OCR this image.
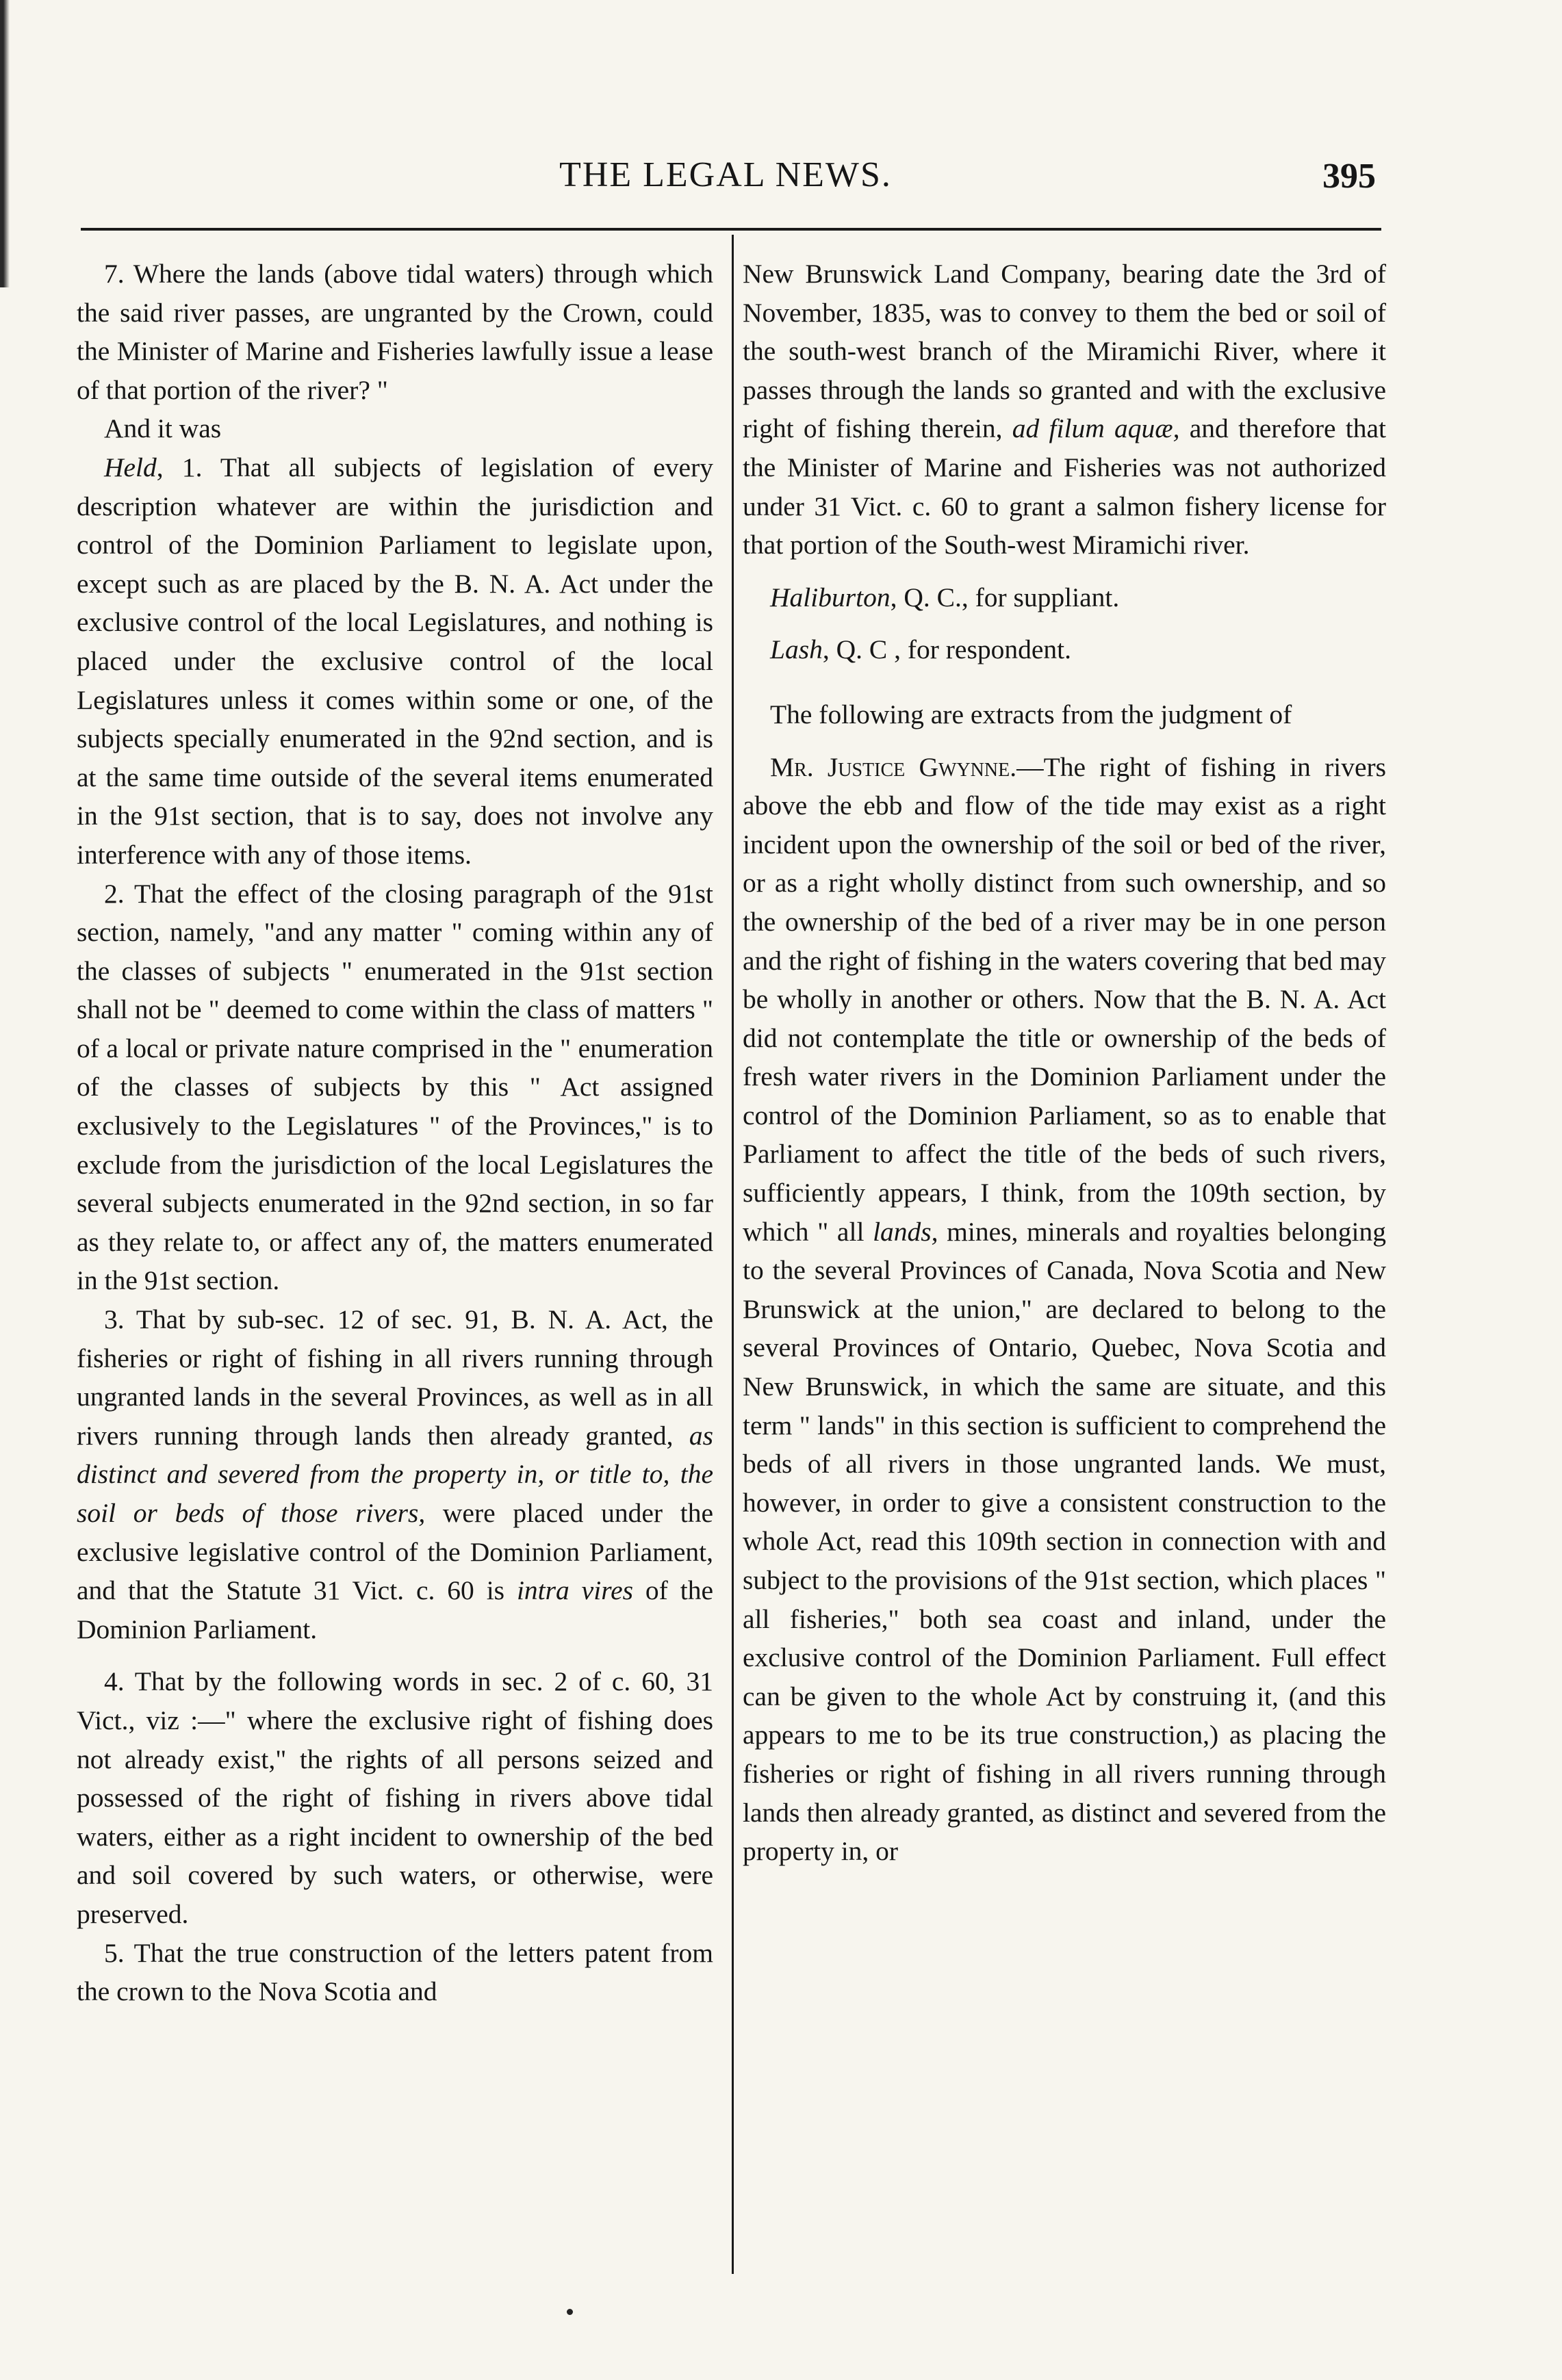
THE LEGAL NEWS.	395

7. Where the lands (above tidal waters) through which the said river passes, are ungranted by the Crown, could the Minister of Marine and Fisheries lawfully issue a lease of that portion of the river? "

And it was

Held, 1. That all subjects of legislation of every description whatever are within the jurisdiction and control of the Dominion Parliament to legislate upon, except such as are placed by the B. N. A. Act under the exclusive control of the local Legislatures, and nothing is placed under the exclusive control of the local Legislatures unless it comes within some or one, of the subjects specially enumerated in the 92nd section, and is at the same time outside of the several items enumerated in the 91st section, that is to say, does not involve any interference with any of those items.

2. That the effect of the closing paragraph of the 91st section, namely, "and any matter " coming within any of the classes of subjects " enumerated in the 91st section shall not be " deemed to come within the class of matters " of a local or private nature comprised in the " enumeration of the classes of subjects by this " Act assigned exclusively to the Legislatures " of the Provinces," is to exclude from the jurisdiction of the local Legislatures the several subjects enumerated in the 92nd section, in so far as they relate to, or affect any of, the matters enumerated in the 91st section.

3. That by sub-sec. 12 of sec. 91, B. N. A. Act, the fisheries or right of fishing in all rivers running through ungranted lands in the several Provinces, as well as in all rivers running through lands then already granted, as distinct and severed from the property in, or title to, the soil or beds of those rivers, were placed under the exclusive legislative control of the Dominion Parliament, and that the Statute 31 Vict. c. 60 is intra vires of the Dominion Parliament.

4. That by the following words in sec. 2 of c. 60, 31 Vict., viz :—" where the exclusive right of fishing does not already exist," the rights of all persons seized and possessed of the right of fishing in rivers above tidal waters, either as a right incident to ownership of the bed and soil covered by such waters, or otherwise, were preserved.

5. That the true construction of the letters patent from the crown to the Nova Scotia and

New Brunswick Land Company, bearing date the 3rd of November, 1835, was to convey to them the bed or soil of the south-west branch of the Miramichi River, where it passes through the lands so granted and with the exclusive right of fishing therein, ad filum aquæ, and therefore that the Minister of Marine and Fisheries was not authorized under 31 Vict. c. 60 to grant a salmon fishery license for that portion of the South-west Miramichi river.

Haliburton, Q. C., for suppliant.

Lash, Q. C , for respondent.

The following are extracts from the judgment of

Mr. Justice Gwynne.—The right of fishing in rivers above the ebb and flow of the tide may exist as a right incident upon the ownership of the soil or bed of the river, or as a right wholly distinct from such ownership, and so the ownership of the bed of a river may be in one person and the right of fishing in the waters covering that bed may be wholly in another or others. Now that the B. N. A. Act did not contemplate the title or ownership of the beds of fresh water rivers in the Dominion Parliament under the control of the Dominion Parliament, so as to enable that Parliament to affect the title of the beds of such rivers, sufficiently appears, I think, from the 109th section, by which " all lands, mines, minerals and royalties belonging to the several Provinces of Canada, Nova Scotia and New Brunswick at the union," are declared to belong to the several Provinces of Ontario, Quebec, Nova Scotia and New Brunswick, in which the same are situate, and this term " lands" in this section is sufficient to comprehend the beds of all rivers in those ungranted lands. We must, however, in order to give a consistent construction to the whole Act, read this 109th section in connection with and subject to the provisions of the 91st section, which places " all fisheries," both sea coast and inland, under the exclusive control of the Dominion Parliament. Full effect can be given to the whole Act by construing it, (and this appears to me to be its true construction,) as placing the fisheries or right of fishing in all rivers running through lands then already granted, as distinct and severed from the property in, or
